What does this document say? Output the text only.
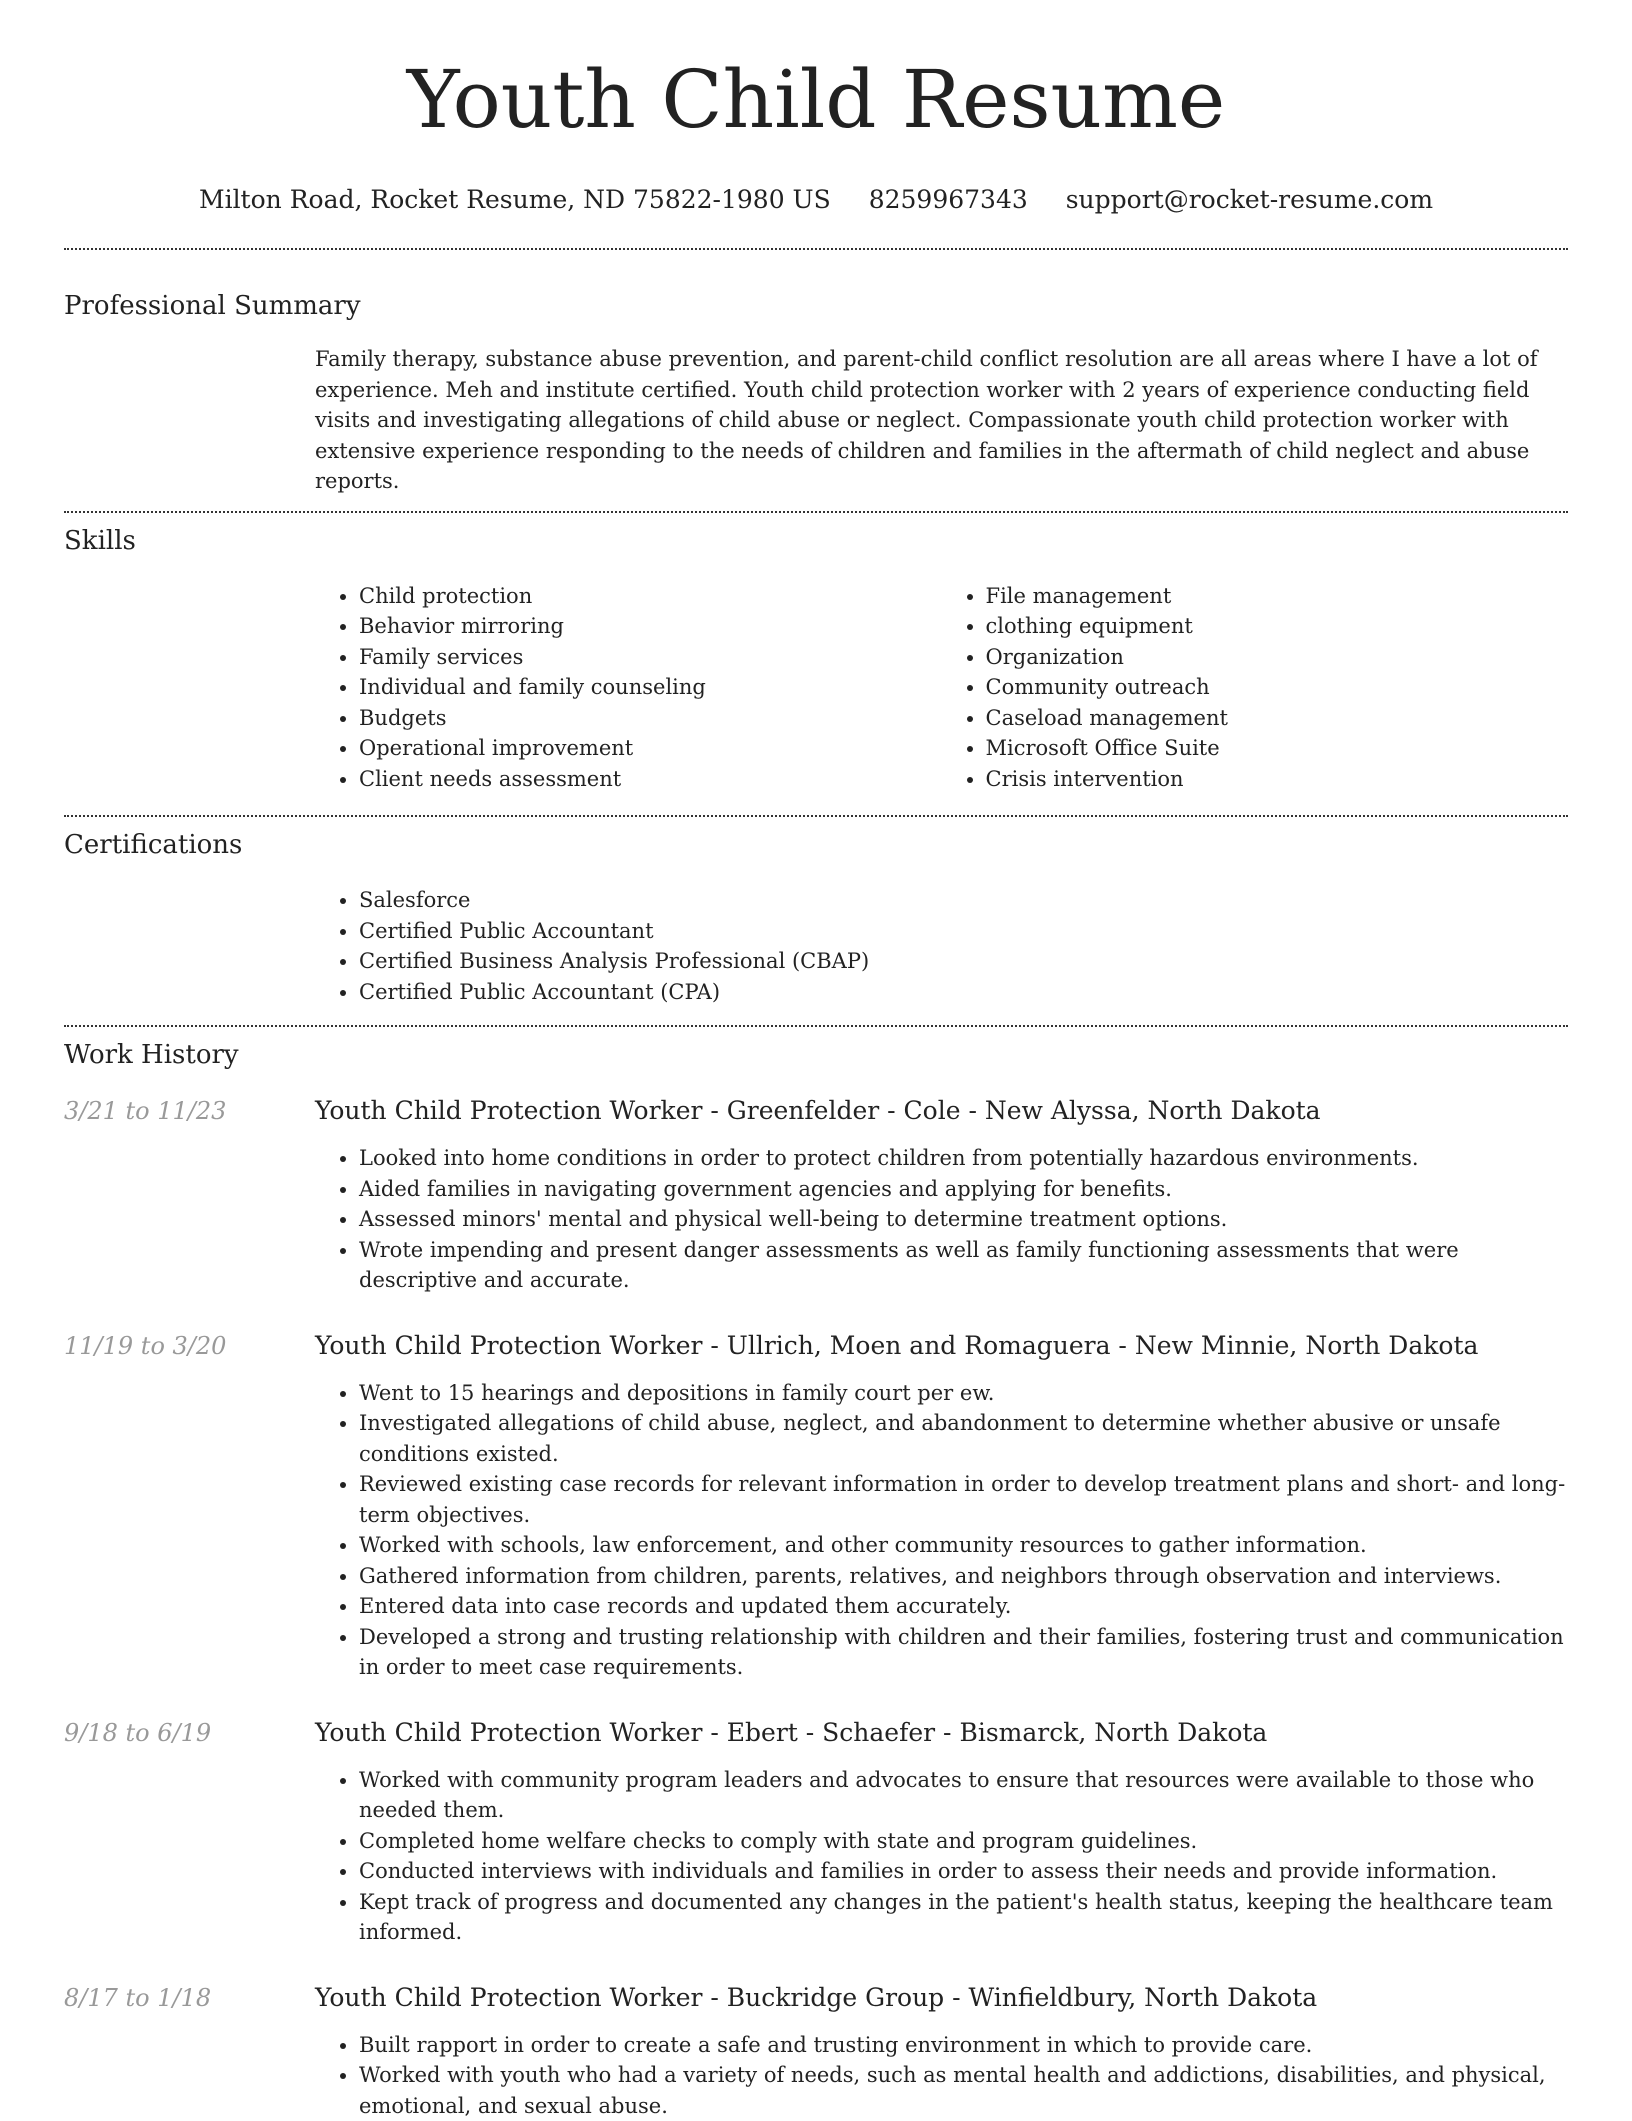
Youth Child Resume
Milton Road, Rocket Resume, ND 75822-1980 US 8259967343 support@rocket-resume.com
Professional Summary
Family therapy, substance abuse prevention, and parent-child conflict resolution are all areas where I have a lot of experience. Meh and institute certified. Youth child protection worker with 2 years of experience conducting field visits and investigating allegations of child abuse or neglect. Compassionate youth child protection worker with extensive experience responding to the needs of children and families in the aftermath of child neglect and abuse reports.
Skills
• Child protection
• Behavior mirroring
• Family services
• Individual and family counseling
• Budgets
• Operational improvement
• Client needs assessment
• File management
• clothing equipment
• Organization
• Community outreach
• Caseload management
• Microsoft Office Suite
• Crisis intervention
Certifications
• Salesforce
• Certified Public Accountant
• Certified Business Analysis Professional (CBAP)
• Certified Public Accountant (CPA)
Work History
3/21 to 11/23	Youth Child Protection Worker - Greenfelder - Cole - New Alyssa, North Dakota
• Looked into home conditions in order to protect children from potentially hazardous environments.
• Aided families in navigating government agencies and applying for benefits.
• Assessed minors' mental and physical well-being to determine treatment options.
• Wrote impending and present danger assessments as well as family functioning assessments that were descriptive and accurate.
11/19 to 3/20	Youth Child Protection Worker - Ullrich, Moen and Romaguera - New Minnie, North Dakota
• Went to 15 hearings and depositions in family court per ew.
• Investigated allegations of child abuse, neglect, and abandonment to determine whether abusive or unsafe conditions existed.
• Reviewed existing case records for relevant information in order to develop treatment plans and short- and long-term objectives.
• Worked with schools, law enforcement, and other community resources to gather information.
• Gathered information from children, parents, relatives, and neighbors through observation and interviews.
• Entered data into case records and updated them accurately.
• Developed a strong and trusting relationship with children and their families, fostering trust and communication in order to meet case requirements.
9/18 to 6/19	Youth Child Protection Worker - Ebert - Schaefer - Bismarck, North Dakota
• Worked with community program leaders and advocates to ensure that resources were available to those who needed them.
• Completed home welfare checks to comply with state and program guidelines.
• Conducted interviews with individuals and families in order to assess their needs and provide information.
• Kept track of progress and documented any changes in the patient's health status, keeping the healthcare team informed.
8/17 to 1/18	Youth Child Protection Worker - Buckridge Group - Winfieldbury, North Dakota
• Built rapport in order to create a safe and trusting environment in which to provide care.
• Worked with youth who had a variety of needs, such as mental health and addictions, disabilities, and physical, emotional, and sexual abuse.
